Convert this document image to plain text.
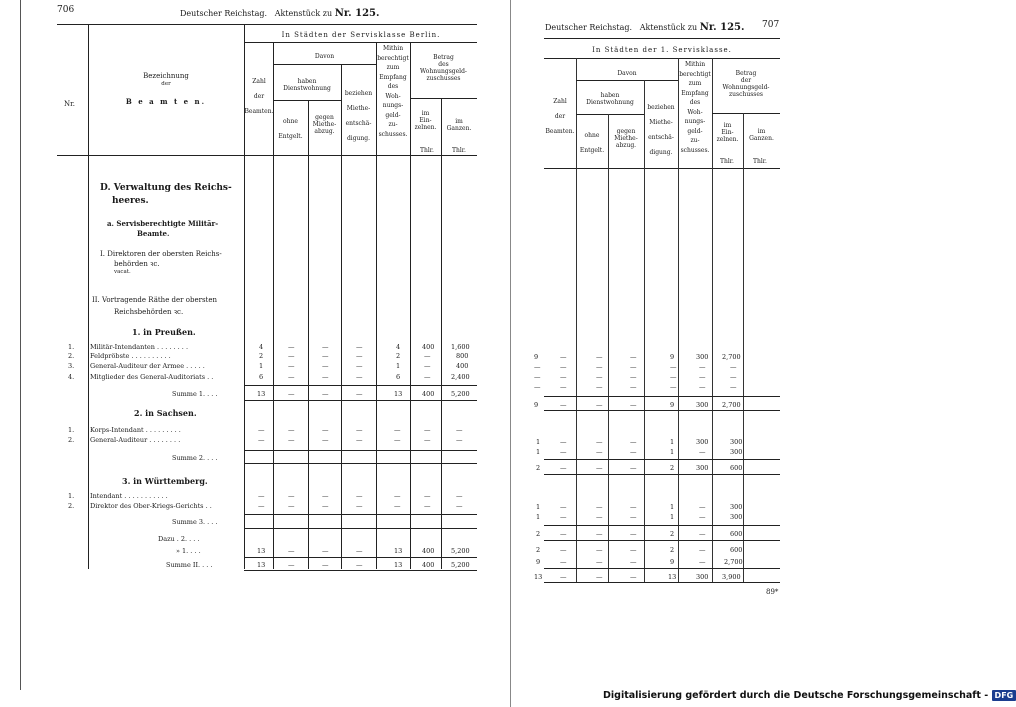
706	Deutscher Reichstag. Aktenstück zu Nr. 125.
Nr.
Bezeichnung
der
B e a m t e n.
In Städten der Servisklasse Berlin.
Zahl
der
Beamten.
Davon
haben
Dienstwohnung
ohne
Entgelt.
gegen
Miethe-
abzug.
beziehen
Miethe-
entschä-
digung.
Mithin
berechtigt
zum
Empfang
des
Woh-
nungs-
geld-
zu-
schusses.
Betrag
des
Wohnungsgeld-
zuschusses
im
Ein-
zelnen.
im
Ganzen.
Thlr.	Thlr.
D. Verwaltung des Reichs-
heeres.
a. Servisberechtigte Militär-
Beamte.
I. Direktoren der obersten Reichs-
behörden ꝛc.
vacat.
II. Vortragende Räthe der obersten
Reichsbehörden ꝛc.
1. in Preußen.
1. Militär-Intendanten . . . . . . . .	4	—	—	—	4	400	1,600
2. Feldpröbste . . . . . . . . . .	2	—	—	—	2	—	800
3. General-Auditeur der Armee . . . . .	1	—	—	—	1	—	400
4. Mitglieder des General-Auditoriats . .	6	—	—	—	6	—	2,400
Summe 1. . . .	13	—	—	—	13	400	5,200
2. in Sachsen.
1. Korps-Intendant . . . . . . . . .	—	—	—	—	—	—	—
2. General-Auditeur . . . . . . . .	—	—	—	—	—	—	—
Summe 2. . . .
3. in Württemberg.
1. Intendant . . . . . . . . . . .	—	—	—	—	—	—	—
2. Direktor des Ober-Kriegs-Gerichts . .	—	—	—	—	—	—	—
Summe 3. . . .
Dazu . 2. . . .
» 1. . . .	13	—	—	—	13	400	5,200
Summe II. . . .	13	—	—	—	13	400	5,200
Deutscher Reichstag. Aktenstück zu Nr. 125. 707
In Städten der 1. Servisklasse.
Zahl
der
Beamten.
Davon
haben
Dienstwohnung
ohne
Entgelt.
gegen
Miethe-
abzug.
beziehen
Miethe-
entschä-
digung.
Mithin
berechtigt
zum
Empfang
des
Woh-
nungs-
geld-
zu-
schusses.
Betrag
der
Wohnungsgeld-
zuschusses
im
Ein-
zelnen.
im
Ganzen.
Thlr.	Thlr.
9	—	—	—	9	300 2,700
—	—	—	—	—	—	—
—	—	—	—	—	—	—
—	—	—	—	—	—	—
9	—	—	—	9	300 2,700
1	—	—	—	1	300	300
1	—	—	—	1	—	300
2	—	—	—	2	300	600
1	—	—	—	1	—	300
1	—	—	—	1	—	300
2	—	—	—	2	—	600
2	—	—	—	2	—	600
9	—	—	—	9	—	2,700
13	—	—	—	13	300 3,900
89*
Digitalisierung gefördert durch die Deutsche Forschungsgemeinschaft - DFG
